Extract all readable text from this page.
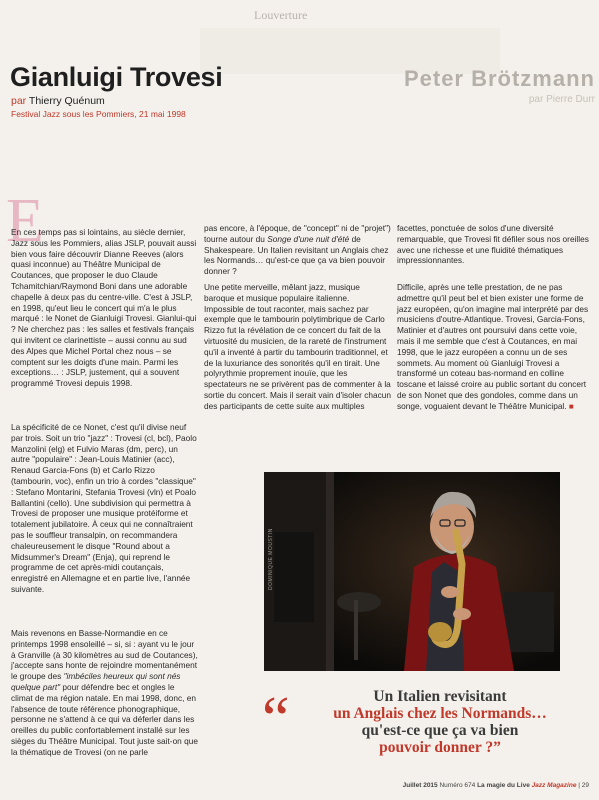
Louverture
Peter Brötzmann
par Pierre Durr
Gianluigi Trovesi
par Thierry Quénum
Festival Jazz sous les Pommiers, 21 mai 1998
E

En ces temps pas si lointains, au siècle dernier, Jazz sous les Pommiers, alias JSLP, pouvait aussi bien vous faire découvrir Dianne Reeves (alors quasi inconnue) au Théâtre Municipal de Coutances, que proposer le duo Claude Tchamitchian/Raymond Boni dans une adorable chapelle à deux pas du centre-ville. C'est à JSLP, en 1998, qu'eut lieu le concert qui m'a le plus marqué : le Nonet de Gianluigi Trovesi. Gianlui-qui ? Ne cherchez pas : les salles et festivals français qui invitent ce clarinettiste – aussi connu au sud des Alpes que Michel Portal chez nous – se comptent sur les doigts d'une main. Parmi les exceptions… : JSLP, justement, qui a souvent programmé Trovesi depuis 1998.

La spécificité de ce Nonet, c'est qu'il divise neuf par trois. Soit un trio "jazz" : Trovesi (cl, bcl), Paolo Manzolini (elg) et Fulvio Maras (dm, perc), un autre "populaire" : Jean-Louis Matinier (acc), Renaud Garcia-Fons (b) et Carlo Rizzo (tambourin, voc), enfin un trio à cordes "classique" : Stefano Montarini, Stefania Trovesi (vln) et Poalo Ballantini (cello). Une subdivision qui permettra à Trovesi de proposer une musique protéiforme et totalement jubilatoire. À ceux qui ne connaîtraient pas le souffleur transalpin, on recommandera chaleureusement le disque "Round about a Midsummer's Dream" (Enja), qui reprend le programme de cet après-midi coutançais, enregistré en Allemagne et en partie live, l'année suivante.

Mais revenons en Basse-Normandie en ce printemps 1998 ensoleillé – si, si : ayant vu le jour à Granville (à 30 kilomètres au sud de Coutances), j'accepte sans honte de rejoindre momentanément le groupe des "imbéciles heureux qui sont nés quelque part" pour défendre bec et ongles le climat de ma région natale. En mai 1998, donc, en l'absence de toute référence phonographique, personne ne s'attend à ce qui va déferler dans les oreilles du public confortablement installé sur les sièges du Théâtre Municipal. Tout juste sait-on que la thématique de Trovesi (on ne parle

pas encore, à l'époque, de "concept" ni de "projet") tourne autour du Songe d'une nuit d'été de Shakespeare. Un Italien revisitant un Anglais chez les Normands… qu'est-ce que ça va bien pouvoir donner ?

Une petite merveille, mêlant jazz, musique baroque et musique populaire italienne. Impossible de tout raconter, mais sachez par exemple que le tambourin polytimbrique de Carlo Rizzo fut la révélation de ce concert du fait de la virtuosité du musicien, de la rareté de l'instrument qu'il a inventé à partir du tambourin traditionnel, et de la luxuriance des sonorités qu'il en tirait. Une polyrythmie proprement inouïe, que les spectateurs ne se privèrent pas de commenter à la sortie du concert. Mais il serait vain d'isoler chacun des participants de cette suite aux multiples

facettes, ponctuée de solos d'une diversité remarquable, que Trovesi fit défiler sous nos oreilles avec une richesse et une fluidité thématiques impressionnantes.

Difficile, après une telle prestation, de ne pas admettre qu'il peut bel et bien exister une forme de jazz européen, qu'on imagine mal interprété par des musiciens d'outre-Atlantique. Trovesi, Garcia-Fons, Matinier et d'autres ont poursuivi dans cette voie, mais il me semble que c'est à Coutances, en mai 1998, que le jazz européen a connu un de ses sommets. Au moment où Gianluigi Trovesi a transformé un coteau bas-normand en colline toscane et laissé croire au public sortant du concert de son Nonet que des gondoles, comme dans un songe, voguaient devant le Théâtre Municipal. ■

DOMINIQUE MOUSTIN
“	Un Italien revisitant
un Anglais chez les Normands…
qu'est-ce que ça va bien
pouvoir donner ?”
Juillet 2015 Numéro 674 La magie du Live Jazz Magazine | 29
